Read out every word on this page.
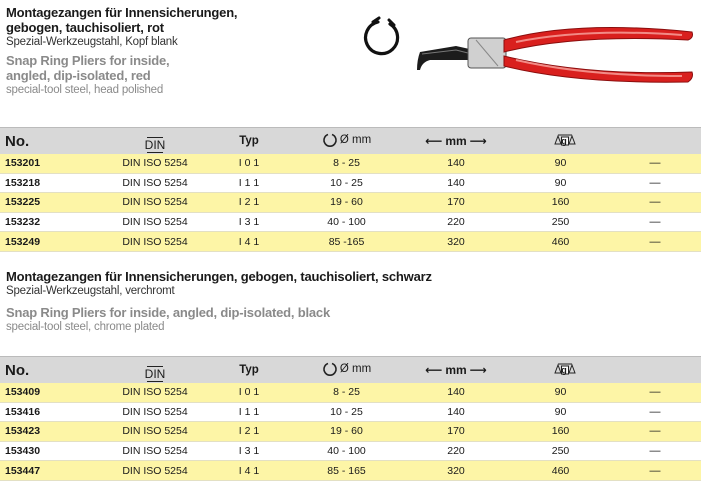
Montagezangen für Innensicherungen,
gebogen, tauchisoliert, rot
Spezial-Werkzeugstahl, Kopf blank
Snap Ring Pliers for inside,
angled, dip-isolated, red
special-tool steel, head polished
No.	DIN	Typ	Ø mm	⟵ mm ⟶	g	

153201	DIN ISO 5254	I 0 1	8 - 25	140	90	—
153218	DIN ISO 5254	I 1 1	10 - 25	140	90	—
153225	DIN ISO 5254	I 2 1	19 - 60	170	160	—
153232	DIN ISO 5254	I 3 1	40 - 100	220	250	—
153249	DIN ISO 5254	I 4 1	85 -165	320	460	—
Montagezangen für Innensicherungen, gebogen, tauchisoliert, schwarz
Spezial-Werkzeugstahl, verchromt
Snap Ring Pliers for inside, angled, dip-isolated, black
special-tool steel, chrome plated
No.	DIN	Typ	Ø mm	⟵ mm ⟶	g	

153409	DIN ISO 5254	I 0 1	8 - 25	140	90	—
153416	DIN ISO 5254	I 1 1	10 - 25	140	90	—
153423	DIN ISO 5254	I 2 1	19 - 60	170	160	—
153430	DIN ISO 5254	I 3 1	40 - 100	220	250	—
153447	DIN ISO 5254	I 4 1	85 - 165	320	460	—
